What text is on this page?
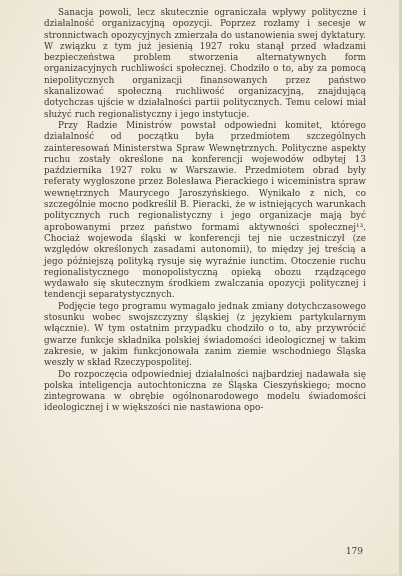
Sanacja powoli, lecz skutecznie ograniczała wpływy polityczne i działalność organizacyjną opozycji. Poprzez rozłamy i secesje w stronnictwach opozycyjnych zmierzała do ustanowienia swej dyktatury. W związku z tym już jesienią 1927 roku stanął przed władzami bezpieczeństwa problem stworzenia alternatywnych form organizacyjnych ruchliwości społecznej. Chodziło o to, aby za pomocą niepolitycznych organizacji finansowanych przez państwo skanalizować społeczną ruchliwość organizacyjną, znajdującą dotychczas ujście w działalności partii politycznych. Temu celowi miał służyć ruch regionalistyczny i jego instytucje.

Przy Radzie Ministrów powstał odpowiedni komitet, którego działalność od początku była przedmiotem szczególnych zainteresowań Ministerstwa Spraw Wewnętrznych. Polityczne aspekty ruchu zostały określone na konferencji wojewodów odbytej 13 października 1927 roku w Warszawie. Przedmiotem obrad były referaty wygłoszone przez Bolesława Pierackiego i wiceministra spraw wewnętrznych Maurycego Jaroszyńskiego. Wynikało z nich, co szczególnie mocno podkreślił B. Pieracki, że w istniejących warunkach politycznych ruch regionalistyczny i jego organizacje mają być aprobowanymi przez państwo formami aktywności społecznej¹³. Chociaż wojewoda śląski w konferencji tej nie uczestniczył (ze względów określonych zasadami autonomii), to między jej treścią a jego późniejszą polityką rysuje się wyraźnie iunctim. Otoczenie ruchu regionalistycznego monopolistyczną opieką obozu rządzącego wydawało się skutecznym środkiem zwalczania opozycji politycznej i tendencji separatystycznych.

Podjęcie tego programu wymagało jednak zmiany dotychczasowego stosunku wobec swojszczyzny śląskiej (z językiem partykularnym włącznie). W tym ostatnim przypadku chodziło o to, aby przywrócić gwarze funkcje składnika polskiej świadomości ideologicznej w takim zakresie, w jakim funkcjonowała zanim ziemie wschodniego Śląska weszły w skład Rzeczypospolitej.

Do rozpoczęcia odpowiedniej działalności najbardziej nadawała się polska inteligencja autochtoniczna ze Śląska Cieszyńskiego; mocno zintegrowana w obrębie ogólnonarodowego modelu świadomości ideologicznej i w większości nie nastawiona opo-

179
